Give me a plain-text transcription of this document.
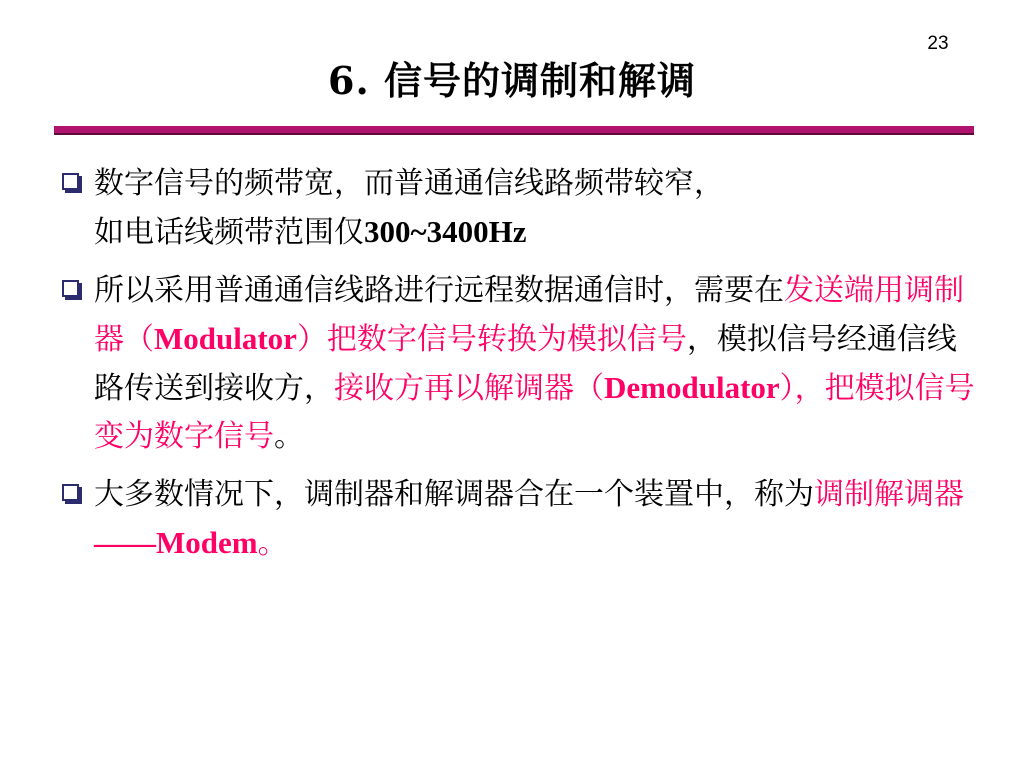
23
6. 信号的调制和解调
数字信号的频带宽，而普通通信线路频带较窄，
如电话线频带范围仅300~3400Hz
所以采用普通通信线路进行远程数据通信时，需要在发送端用调制器（Modulator）把数字信号转换为模拟信号，模拟信号经通信线路传送到接收方，接收方再以解调器（Demodulator），把模拟信号变为数字信号。
大多数情况下，调制器和解调器合在一个装置中，称为调制解调器——Modem。
